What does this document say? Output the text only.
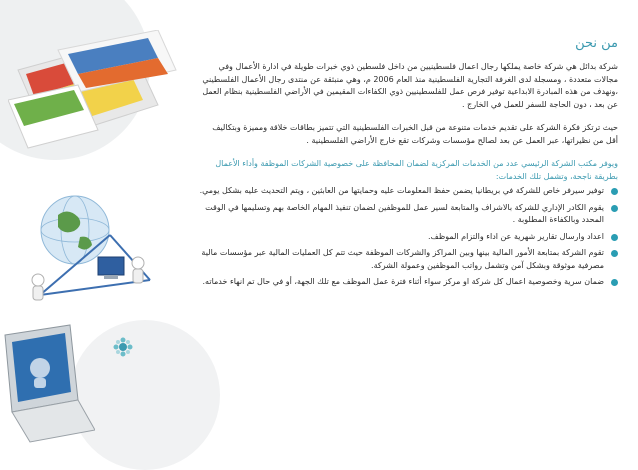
من نحن

شركة بدائل هي شركة خاصة يملكها رجال اعمال فلسطينيين من داخل فلسطين ذوي خبرات طويلة في ادارة الأعمال وفي مجالات متعددة ، ومسجلة لدى الغرفة التجارية الفلسطينية منذ العام 2006 م، وهي منبثقة عن منتدى رجال الأعمال الفلسطيني ،ونهدف من هذه المبادرة الابداعية توفير فرص عمل للفلسطينيين ذوي الكفاءات المقيمين في الأراضي الفلسطينية بنظام العمل عن بعد ، دون الحاجة للسفر للعمل في الخارج .

حيث ترتكز فكرة الشركة على تقديم خدمات متنوعة من قبل الخبرات الفلسطينية التي تتميز بطاقات خلاقة ومميزة وبتكاليف أقل من نظيراتها، عبر العمل عن بعد لصالح مؤسسات وشركات تقع خارج الأراضي الفلسطينية .

ويوفر مكتب الشركة الرئيسي عدد من الخدمات المركزية لضمان المحافظة على خصوصية الشركات الموظفة وأداء الأعمال بطريقة ناجحة، وتشمل تلك الخدمات:

توفير سيرفر خاص للشركة في بريطانيا يضمن حفظ المعلومات عليه وحمايتها من العابثين ، ويتم التحديث عليه بشكل يومي.
يقوم الكادر الإداري للشركة بالاشراف والمتابعة لسير عمل للموظفين لضمان تنفيذ المهام الخاصة بهم وتسليمها في الوقت المحدد وبالكفاءة المطلوبة .
اعداد وارسال تقارير شهرية عن اداء والتزام الموظف.
تقوم الشركة بمتابعة الأمور المالية بينها وبين المراكز والشركات الموظفة حيث تتم كل العمليات المالية عبر مؤسسات مالية مصرفية موثوقة وبشكل آمن وتشمل رواتب الموظفين وعمولة الشركة.
ضمان سرية وخصوصية اعمال كل شركة او مركز سواء أثناء فترة عمل الموظف مع تلك الجهة، أو في حال تم انهاء خدماته.
